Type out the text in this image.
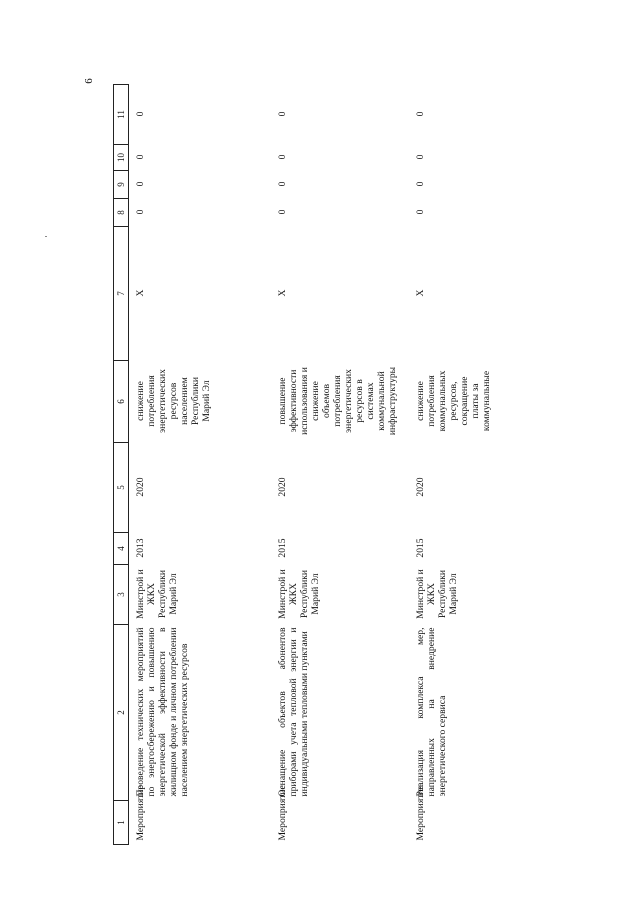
6
1	2	3	4	5	6	7	8	9	10	11
Мероприятие	Проведение технических мероприятий по энергосбережению и повышению энергетической эффективности в жилищном фонде и личном потреблении населением энергетических ресурсов	Минстрой и ЖКХ Республики Марий Эл	2013	2020	снижение потребления энергетических ресурсов населением Республики Марий Эл	X	0	0	0	0
Мероприятие	Оснащение объектов абонентов приборами учета тепловой энергии и индивидуальными тепловыми пунктами	Минстрой и ЖКХ Республики Марий Эл	2015	2020	повышение эффективности использования и снижение объемов потребления энергетических ресурсов в системах коммунальной инфраструктуры	X	0	0	0	0
Мероприятие	Реализация комплекса мер, направленных на внедрение энергетического сервиса	Минстрой и ЖКХ Республики Марий Эл	2015	2020	снижение потребления коммунальных ресурсов, сокращение платы за коммунальные	X	0	0	0	0
